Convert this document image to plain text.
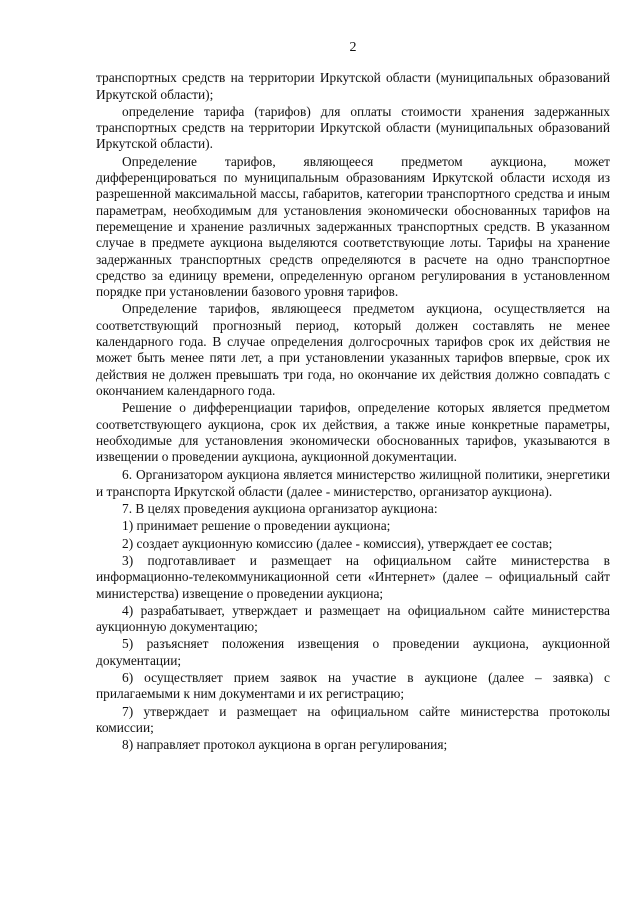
2

транспортных средств на территории Иркутской области (муниципальных образований Иркутской области);

определение тарифа (тарифов) для оплаты стоимости хранения задержанных транспортных средств на территории Иркутской области (муниципальных образований Иркутской области).

Определение тарифов, являющееся предметом аукциона, может дифференцироваться по муниципальным образованиям Иркутской области исходя из разрешенной максимальной массы, габаритов, категории транспортного средства и иным параметрам, необходимым для установления экономически обоснованных тарифов на перемещение и хранение различных задержанных транспортных средств. В указанном случае в предмете аукциона выделяются соответствующие лоты. Тарифы на хранение задержанных транспортных средств определяются в расчете на одно транспортное средство за единицу времени, определенную органом регулирования в установленном порядке при установлении базового уровня тарифов.

Определение тарифов, являющееся предметом аукциона, осуществляется на соответствующий прогнозный период, который должен составлять не менее календарного года. В случае определения долгосрочных тарифов срок их действия не может быть менее пяти лет, а при установлении указанных тарифов впервые, срок их действия не должен превышать три года, но окончание их действия должно совпадать с окончанием календарного года.

Решение о дифференциации тарифов, определение которых является предметом соответствующего аукциона, срок их действия, а также иные конкретные параметры, необходимые для установления экономически обоснованных тарифов, указываются в извещении о проведении аукциона, аукционной документации.

6. Организатором аукциона является министерство жилищной политики, энергетики и транспорта Иркутской области (далее - министерство, организатор аукциона).

7. В целях проведения аукциона организатор аукциона:

1) принимает решение о проведении аукциона;

2) создает аукционную комиссию (далее - комиссия), утверждает ее состав;

3) подготавливает и размещает на официальном сайте министерства в информационно-телекоммуникационной сети «Интернет» (далее – официальный сайт министерства) извещение о проведении аукциона;

4) разрабатывает, утверждает и размещает на официальном сайте министерства аукционную документацию;

5) разъясняет положения извещения о проведении аукциона, аукционной документации;

6) осуществляет прием заявок на участие в аукционе (далее – заявка) с прилагаемыми к ним документами и их регистрацию;

7) утверждает и размещает на официальном сайте министерства протоколы комиссии;

8) направляет протокол аукциона в орган регулирования;
